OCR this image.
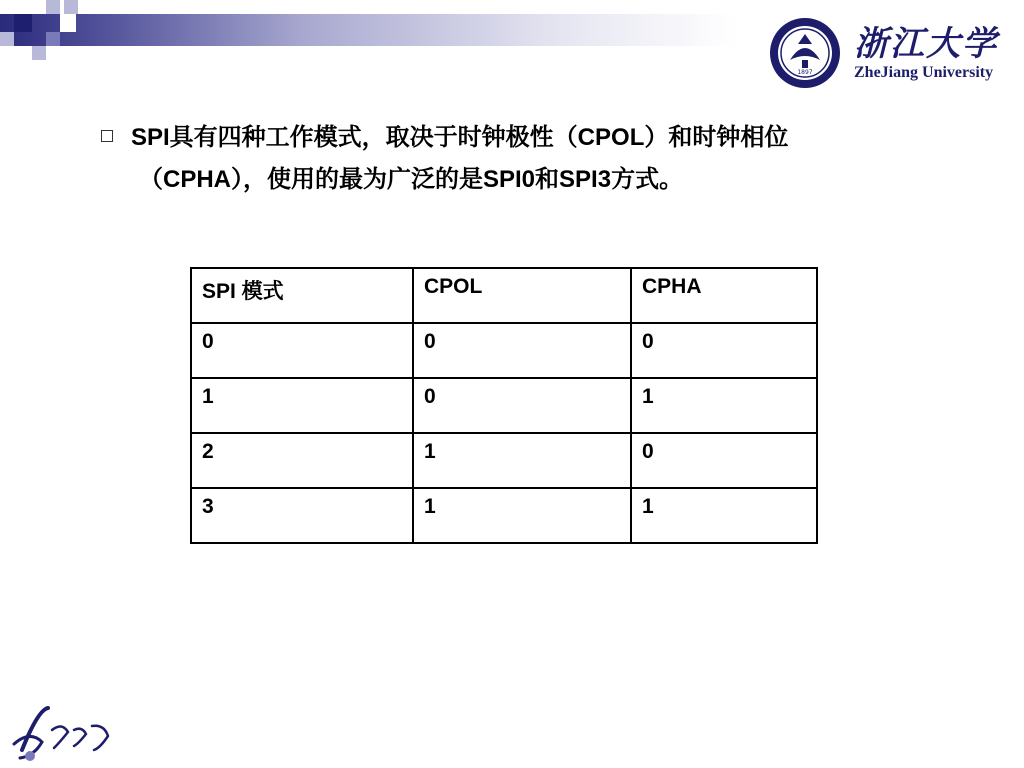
1897
浙江大学
ZheJiang University
SPI具有四种工作模式，取决于时钟极性（CPOL）和时钟相位
（CPHA），使用的最为广泛的是SPI0和SPI3方式。
SPI 模式	CPOL	CPHA
0	0	0
1	0	1
2	1	0
3	1	1
